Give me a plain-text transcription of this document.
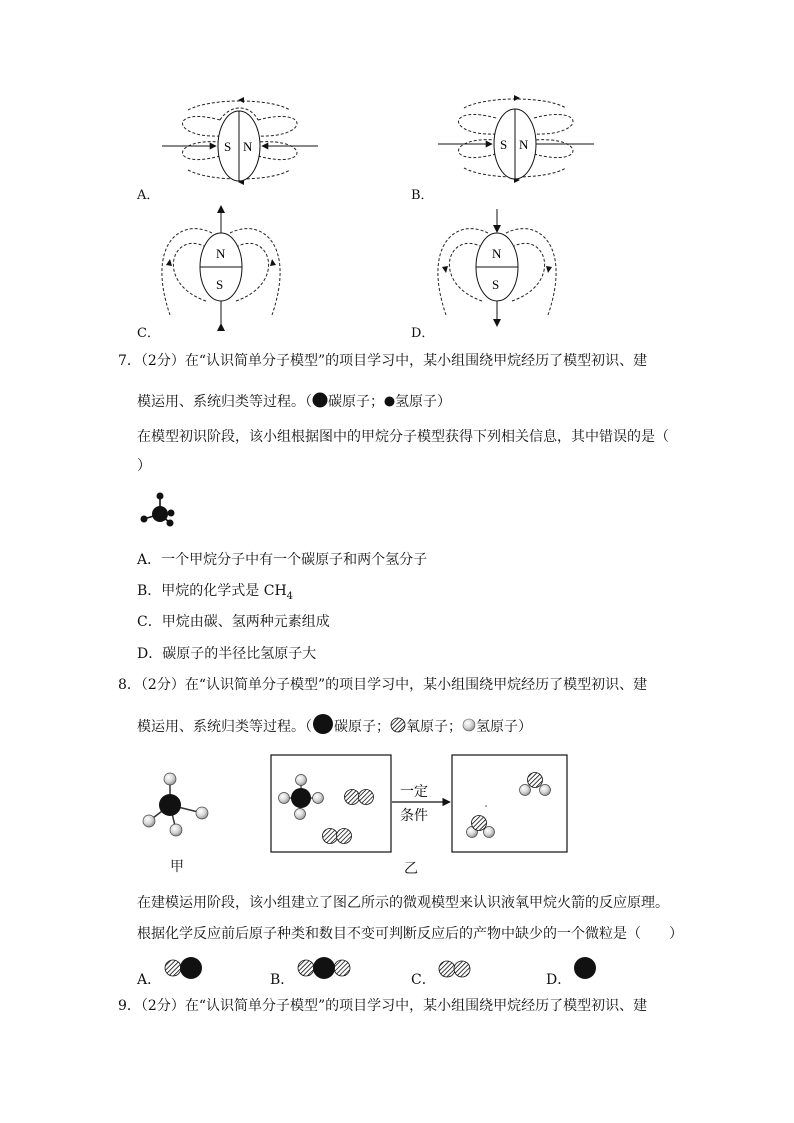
S N
A．
S N
B．
N
S
C．
N
S
D．
7．（2分）在“认识简单分子模型”的项目学习中，某小组围绕甲烷经历了模型初识、建
模运用、系统归类等过程。（ 碳原子； 氢原子）
在模型初识阶段，该小组根据图中的甲烷分子模型获得下列相关信息，其中错误的是（
）
A．一个甲烷分子中有一个碳原子和两个氢分子
B．甲烷的化学式是 $CH_4$
C．甲烷由碳、氢两种元素组成
D．碳原子的半径比氢原子大
8．（2分）在“认识简单分子模型”的项目学习中，某小组围绕甲烷经历了模型初识、建
模运用、系统归类等过程。（ 碳原子； 氧原子； 氢原子）
甲
一定
条件
乙
在建模运用阶段，该小组建立了图乙所示的微观模型来认识液氧甲烷火箭的反应原理。
根据化学反应前后原子种类和数目不变可判断反应后的产物中缺少的一个微粒是（　　）
A．	B．	C．	D．
9．（2分）在“认识简单分子模型”的项目学习中，某小组围绕甲烷经历了模型初识、建
